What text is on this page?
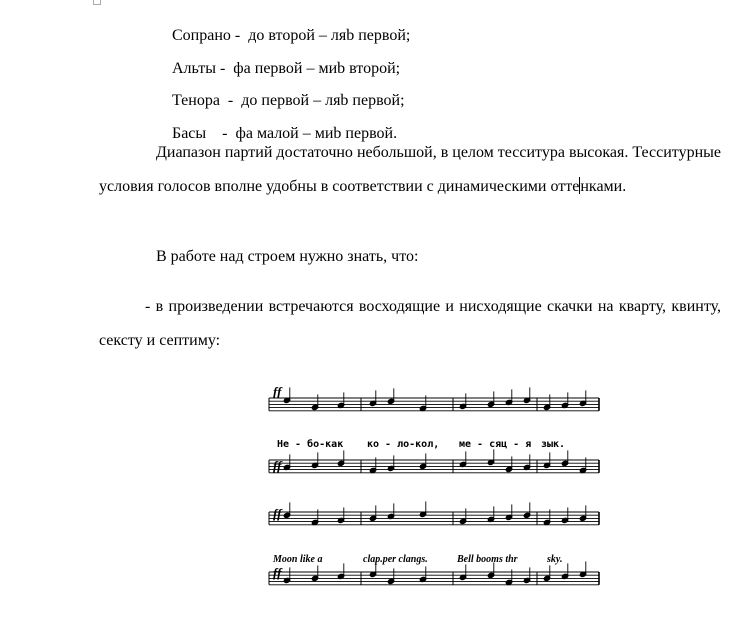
Сопрано - до второй – ляb первой;

Альты - фа первой – миb второй;

Тенора  - до первой – ляb первой;

Басы    - фа малой – миb первой.

Диапазон партий достаточно небольшой, в целом тесситура высокая. Тесситурные условия голосов вполне удобны в соответствии с динамическими оттенками.
В работе над строем нужно знать, что:
- в произведении встречаются восходящие и нисходящие скачки на кварту, квинту, сексту и септиму:
ff
ff
ff
ff
Не - бо-как ко - ло-кол, ме - сяц - я зык.
Moon like a	clap.per clangs.	Bell booms thr	sky.
